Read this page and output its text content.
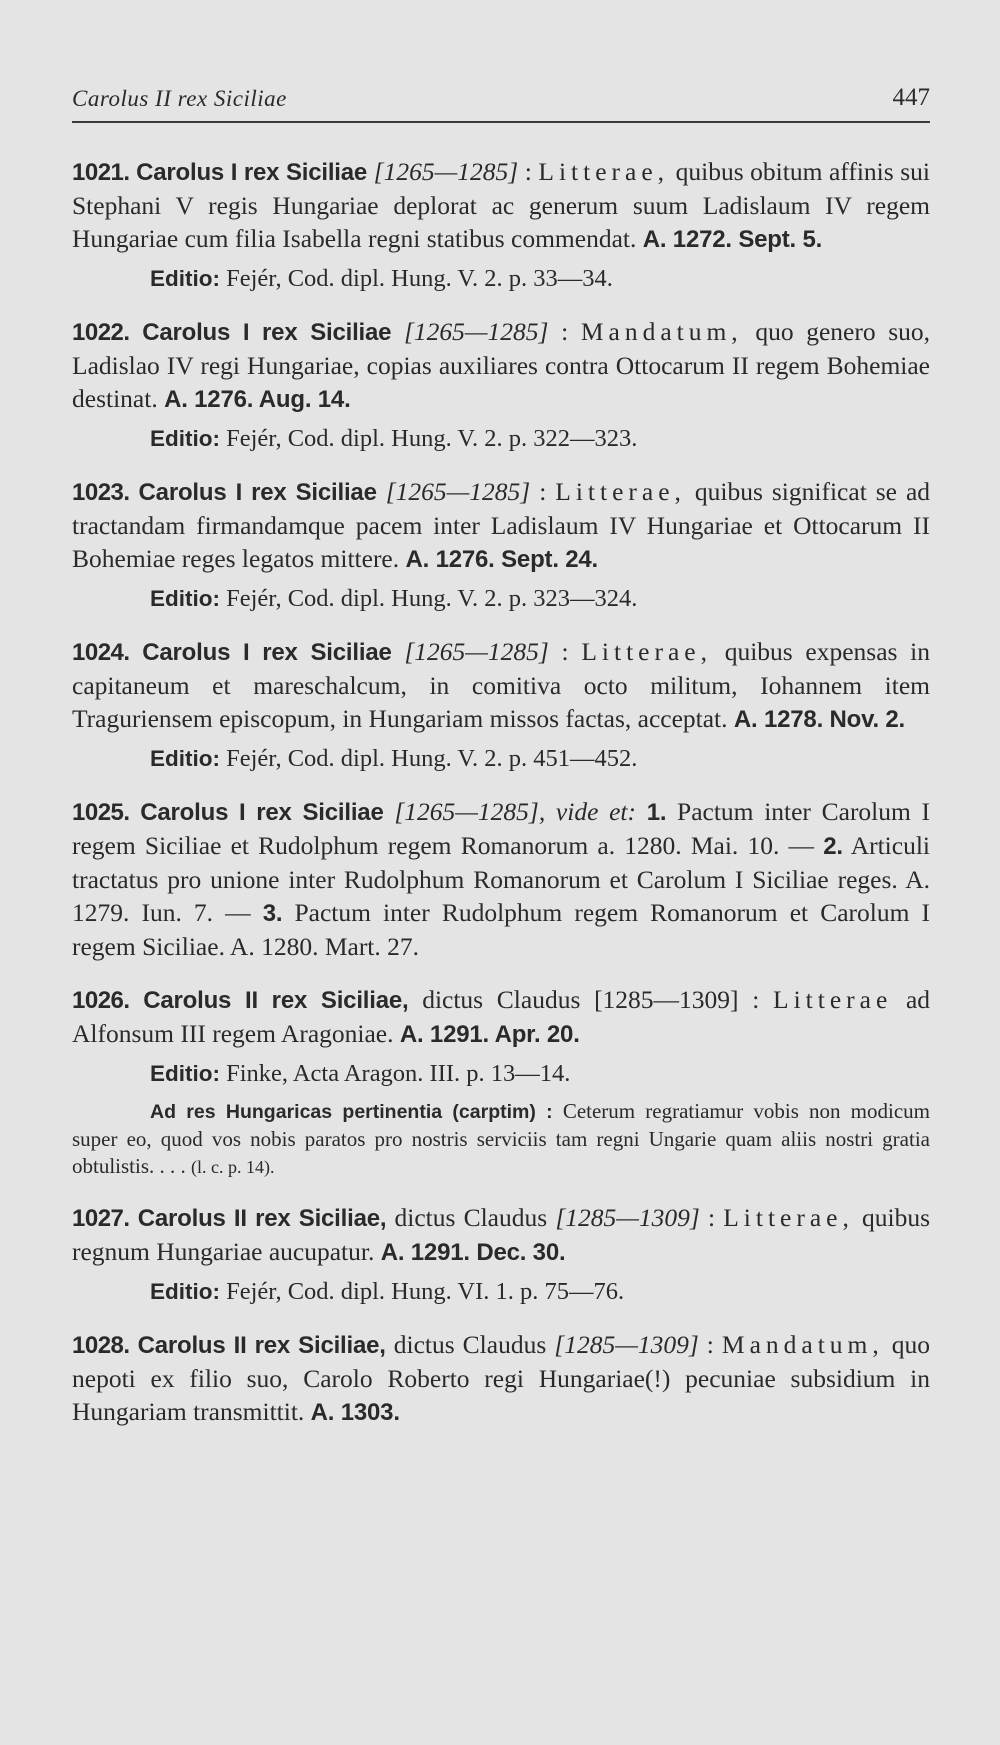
Carolus II rex Siciliae	447

1021. Carolus I rex Siciliae [1265—1285] : Litterae, quibus obitum affinis sui Stephani V regis Hungariae deplorat ac generum suum Ladislaum IV regem Hungariae cum filia Isabella regni statibus commendat. A. 1272. Sept. 5.

Editio: Fejér, Cod. dipl. Hung. V. 2. p. 33—34.

1022. Carolus I rex Siciliae [1265—1285] : Mandatum, quo genero suo, Ladislao IV regi Hungariae, copias auxiliares contra Ottocarum II regem Bohemiae destinat. A. 1276. Aug. 14.

Editio: Fejér, Cod. dipl. Hung. V. 2. p. 322—323.

1023. Carolus I rex Siciliae [1265—1285] : Litterae, quibus significat se ad tractandam firmandamque pacem inter Ladislaum IV Hungariae et Ottocarum II Bohemiae reges legatos mittere. A. 1276. Sept. 24.

Editio: Fejér, Cod. dipl. Hung. V. 2. p. 323—324.

1024. Carolus I rex Siciliae [1265—1285] : Litterae, quibus expensas in capitaneum et mareschalcum, in comitiva octo militum, Iohannem item Traguriensem episcopum, in Hungariam missos factas, acceptat. A. 1278. Nov. 2.

Editio: Fejér, Cod. dipl. Hung. V. 2. p. 451—452.

1025. Carolus I rex Siciliae [1265—1285], vide et: 1. Pactum inter Carolum I regem Siciliae et Rudolphum regem Romanorum a. 1280. Mai. 10. — 2. Articuli tractatus pro unione inter Rudolphum Romanorum et Carolum I Siciliae reges. A. 1279. Iun. 7. — 3. Pactum inter Rudolphum regem Romanorum et Carolum I regem Siciliae. A. 1280. Mart. 27.

1026. Carolus II rex Siciliae, dictus Claudus [1285—1309] : Litterae ad Alfonsum III regem Aragoniae. A. 1291. Apr. 20.

Editio: Finke, Acta Aragon. III. p. 13—14.

Ad res Hungaricas pertinentia (carptim) : Ceterum regratiamur vobis non modicum super eo, quod vos nobis paratos pro nostris serviciis tam regni Ungarie quam aliis nostri gratia obtulistis. . . . (l. c. p. 14).

1027. Carolus II rex Siciliae, dictus Claudus [1285—1309] : Litterae, quibus regnum Hungariae aucupatur. A. 1291. Dec. 30.

Editio: Fejér, Cod. dipl. Hung. VI. 1. p. 75—76.

1028. Carolus II rex Siciliae, dictus Claudus [1285—1309] : Mandatum, quo nepoti ex filio suo, Carolo Roberto regi Hungariae(!) pecuniae subsidium in Hungariam transmittit. A. 1303.
